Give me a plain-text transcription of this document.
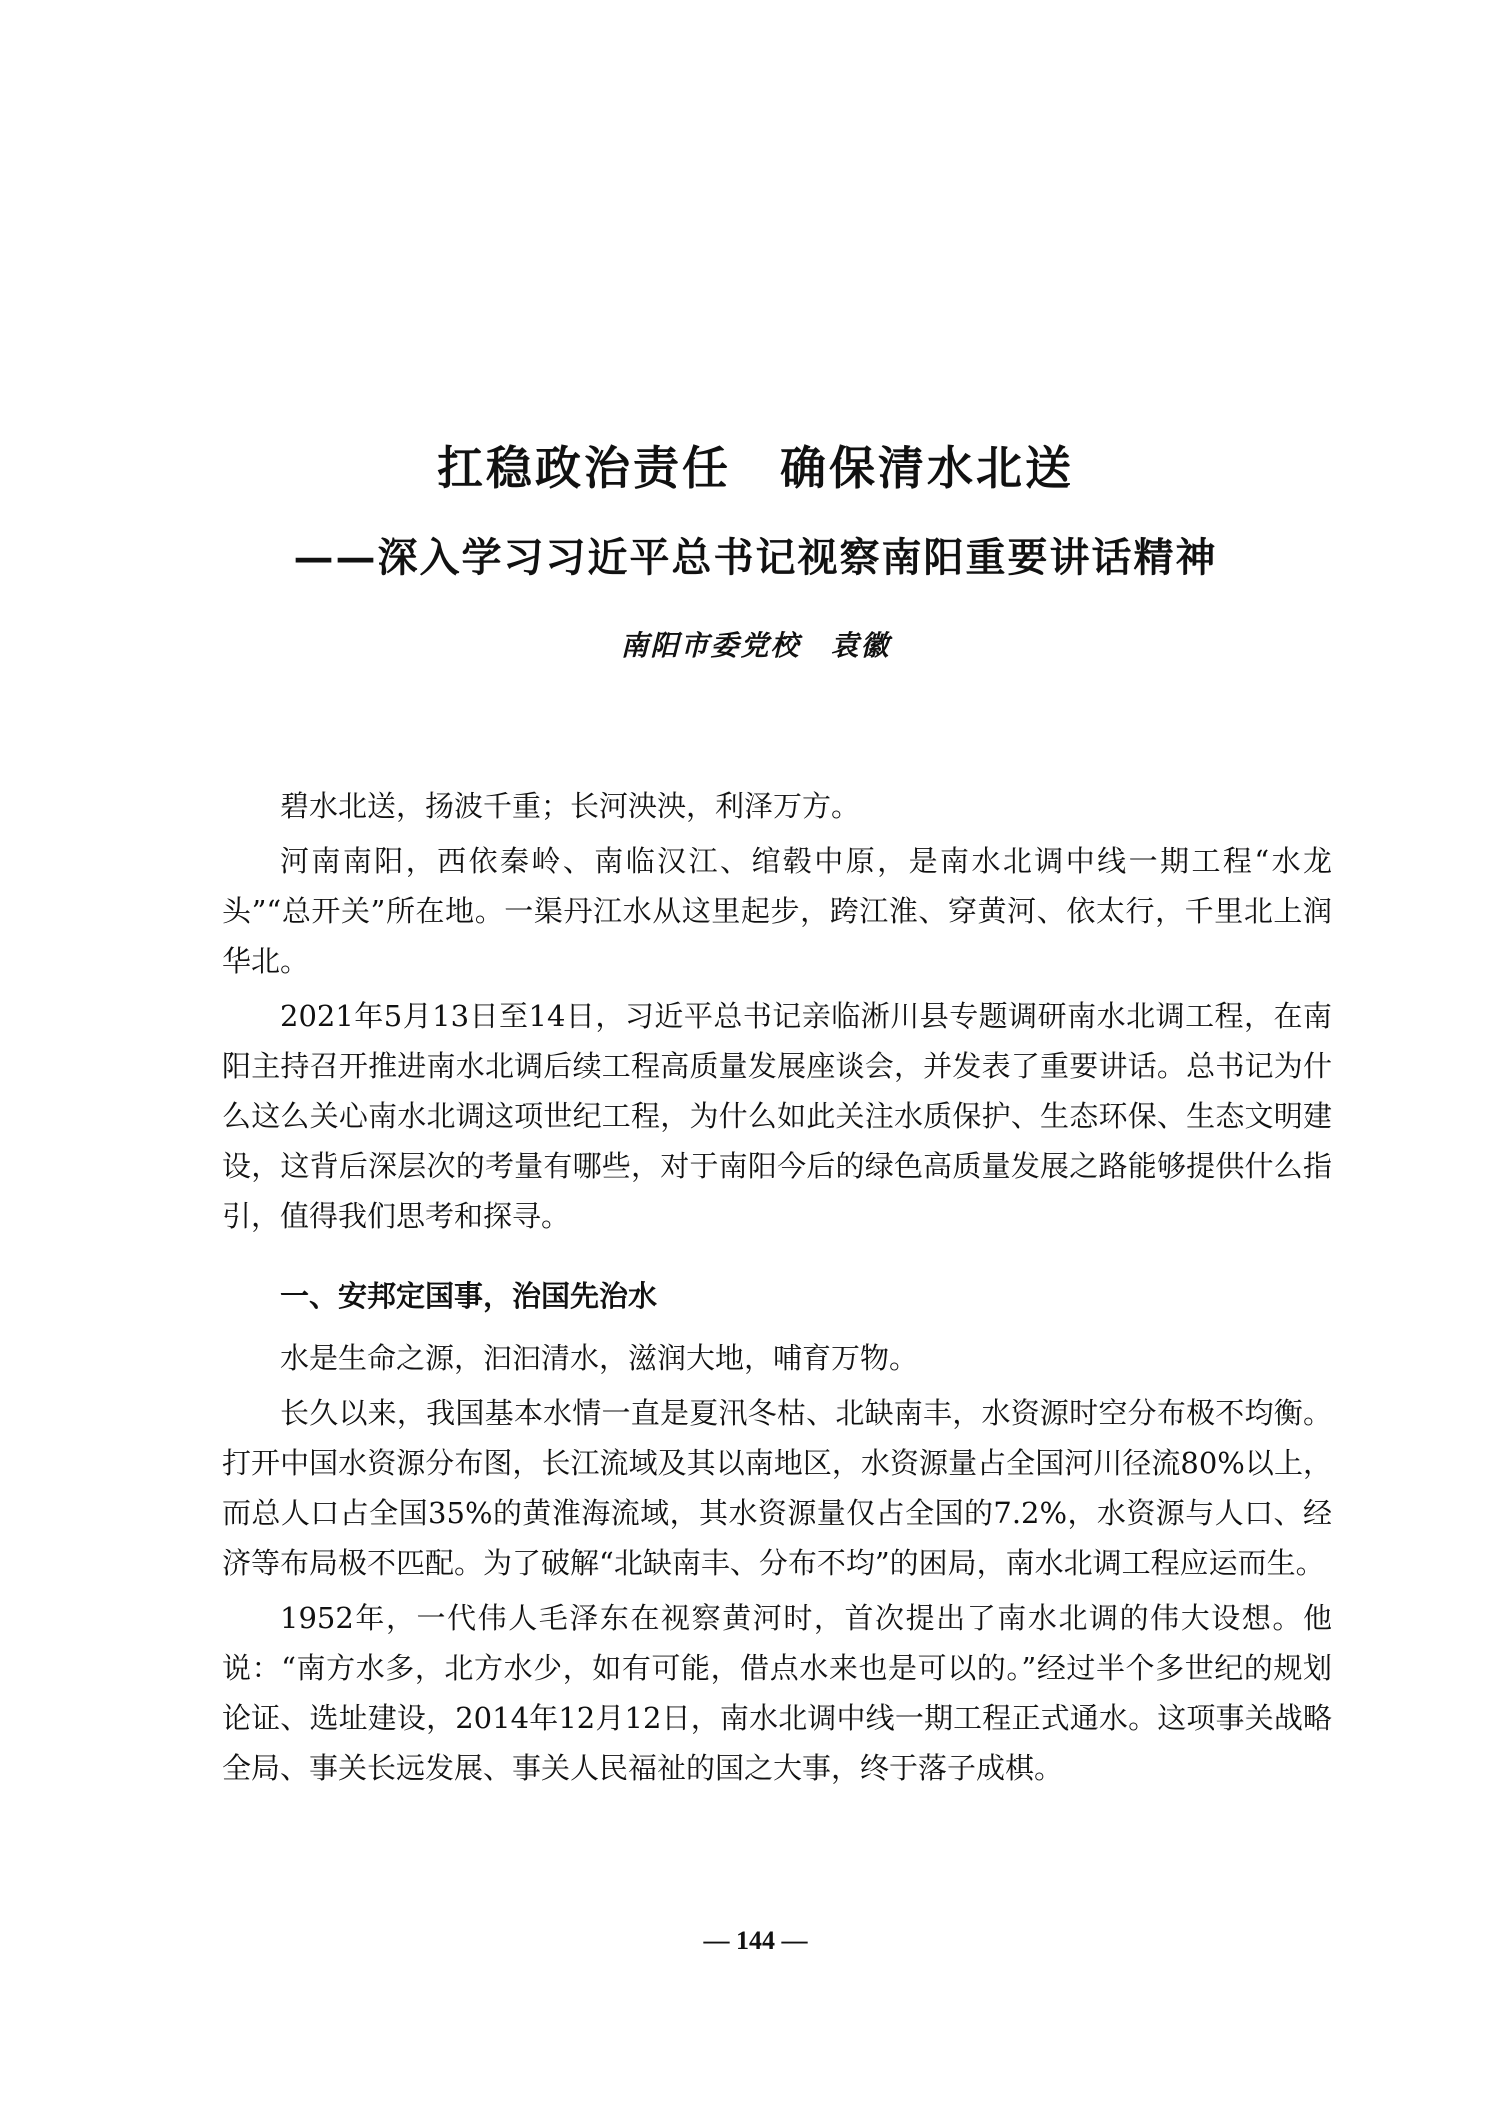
扛稳政治责任　确保清水北送
——深入学习习近平总书记视察南阳重要讲话精神
南阳市委党校　袁徽

碧水北送，扬波千重；长河泱泱，利泽万方。

河南南阳，西依秦岭、南临汉江、绾毂中原，是南水北调中线一期工程“水龙头”“总开关”所在地。一渠丹江水从这里起步，跨江淮、穿黄河、依太行，千里北上润华北。

2021年5月13日至14日，习近平总书记亲临淅川县专题调研南水北调工程，在南阳主持召开推进南水北调后续工程高质量发展座谈会，并发表了重要讲话。总书记为什么这么关心南水北调这项世纪工程，为什么如此关注水质保护、生态环保、生态文明建设，这背后深层次的考量有哪些，对于南阳今后的绿色高质量发展之路能够提供什么指引，值得我们思考和探寻。

一、安邦定国事，治国先治水

水是生命之源，汩汩清水，滋润大地，哺育万物。

长久以来，我国基本水情一直是夏汛冬枯、北缺南丰，水资源时空分布极不均衡。打开中国水资源分布图，长江流域及其以南地区，水资源量占全国河川径流80%以上，而总人口占全国35%的黄淮海流域，其水资源量仅占全国的7.2%，水资源与人口、经济等布局极不匹配。为了破解“北缺南丰、分布不均”的困局，南水北调工程应运而生。

1952年，一代伟人毛泽东在视察黄河时，首次提出了南水北调的伟大设想。他说：“南方水多，北方水少，如有可能，借点水来也是可以的。”经过半个多世纪的规划论证、选址建设，2014年12月12日，南水北调中线一期工程正式通水。这项事关战略全局、事关长远发展、事关人民福祉的国之大事，终于落子成棋。

— 144 —
